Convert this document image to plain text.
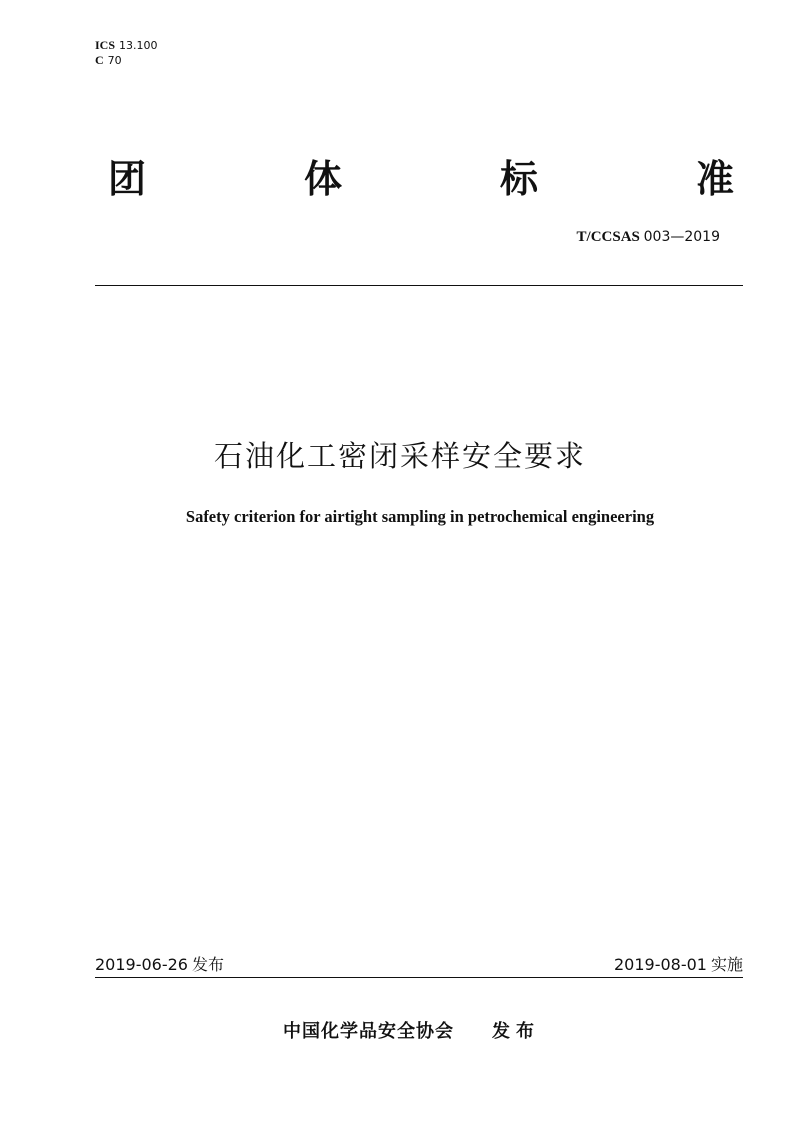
ICS 13.100
C 70
团	体	标	准
T/CCSAS 003—2019
石油化工密闭采样安全要求
Safety criterion for airtight sampling in petrochemical engineering
2019-06-26 发布	2019-08-01 实施
中国化学品安全协会 发布
